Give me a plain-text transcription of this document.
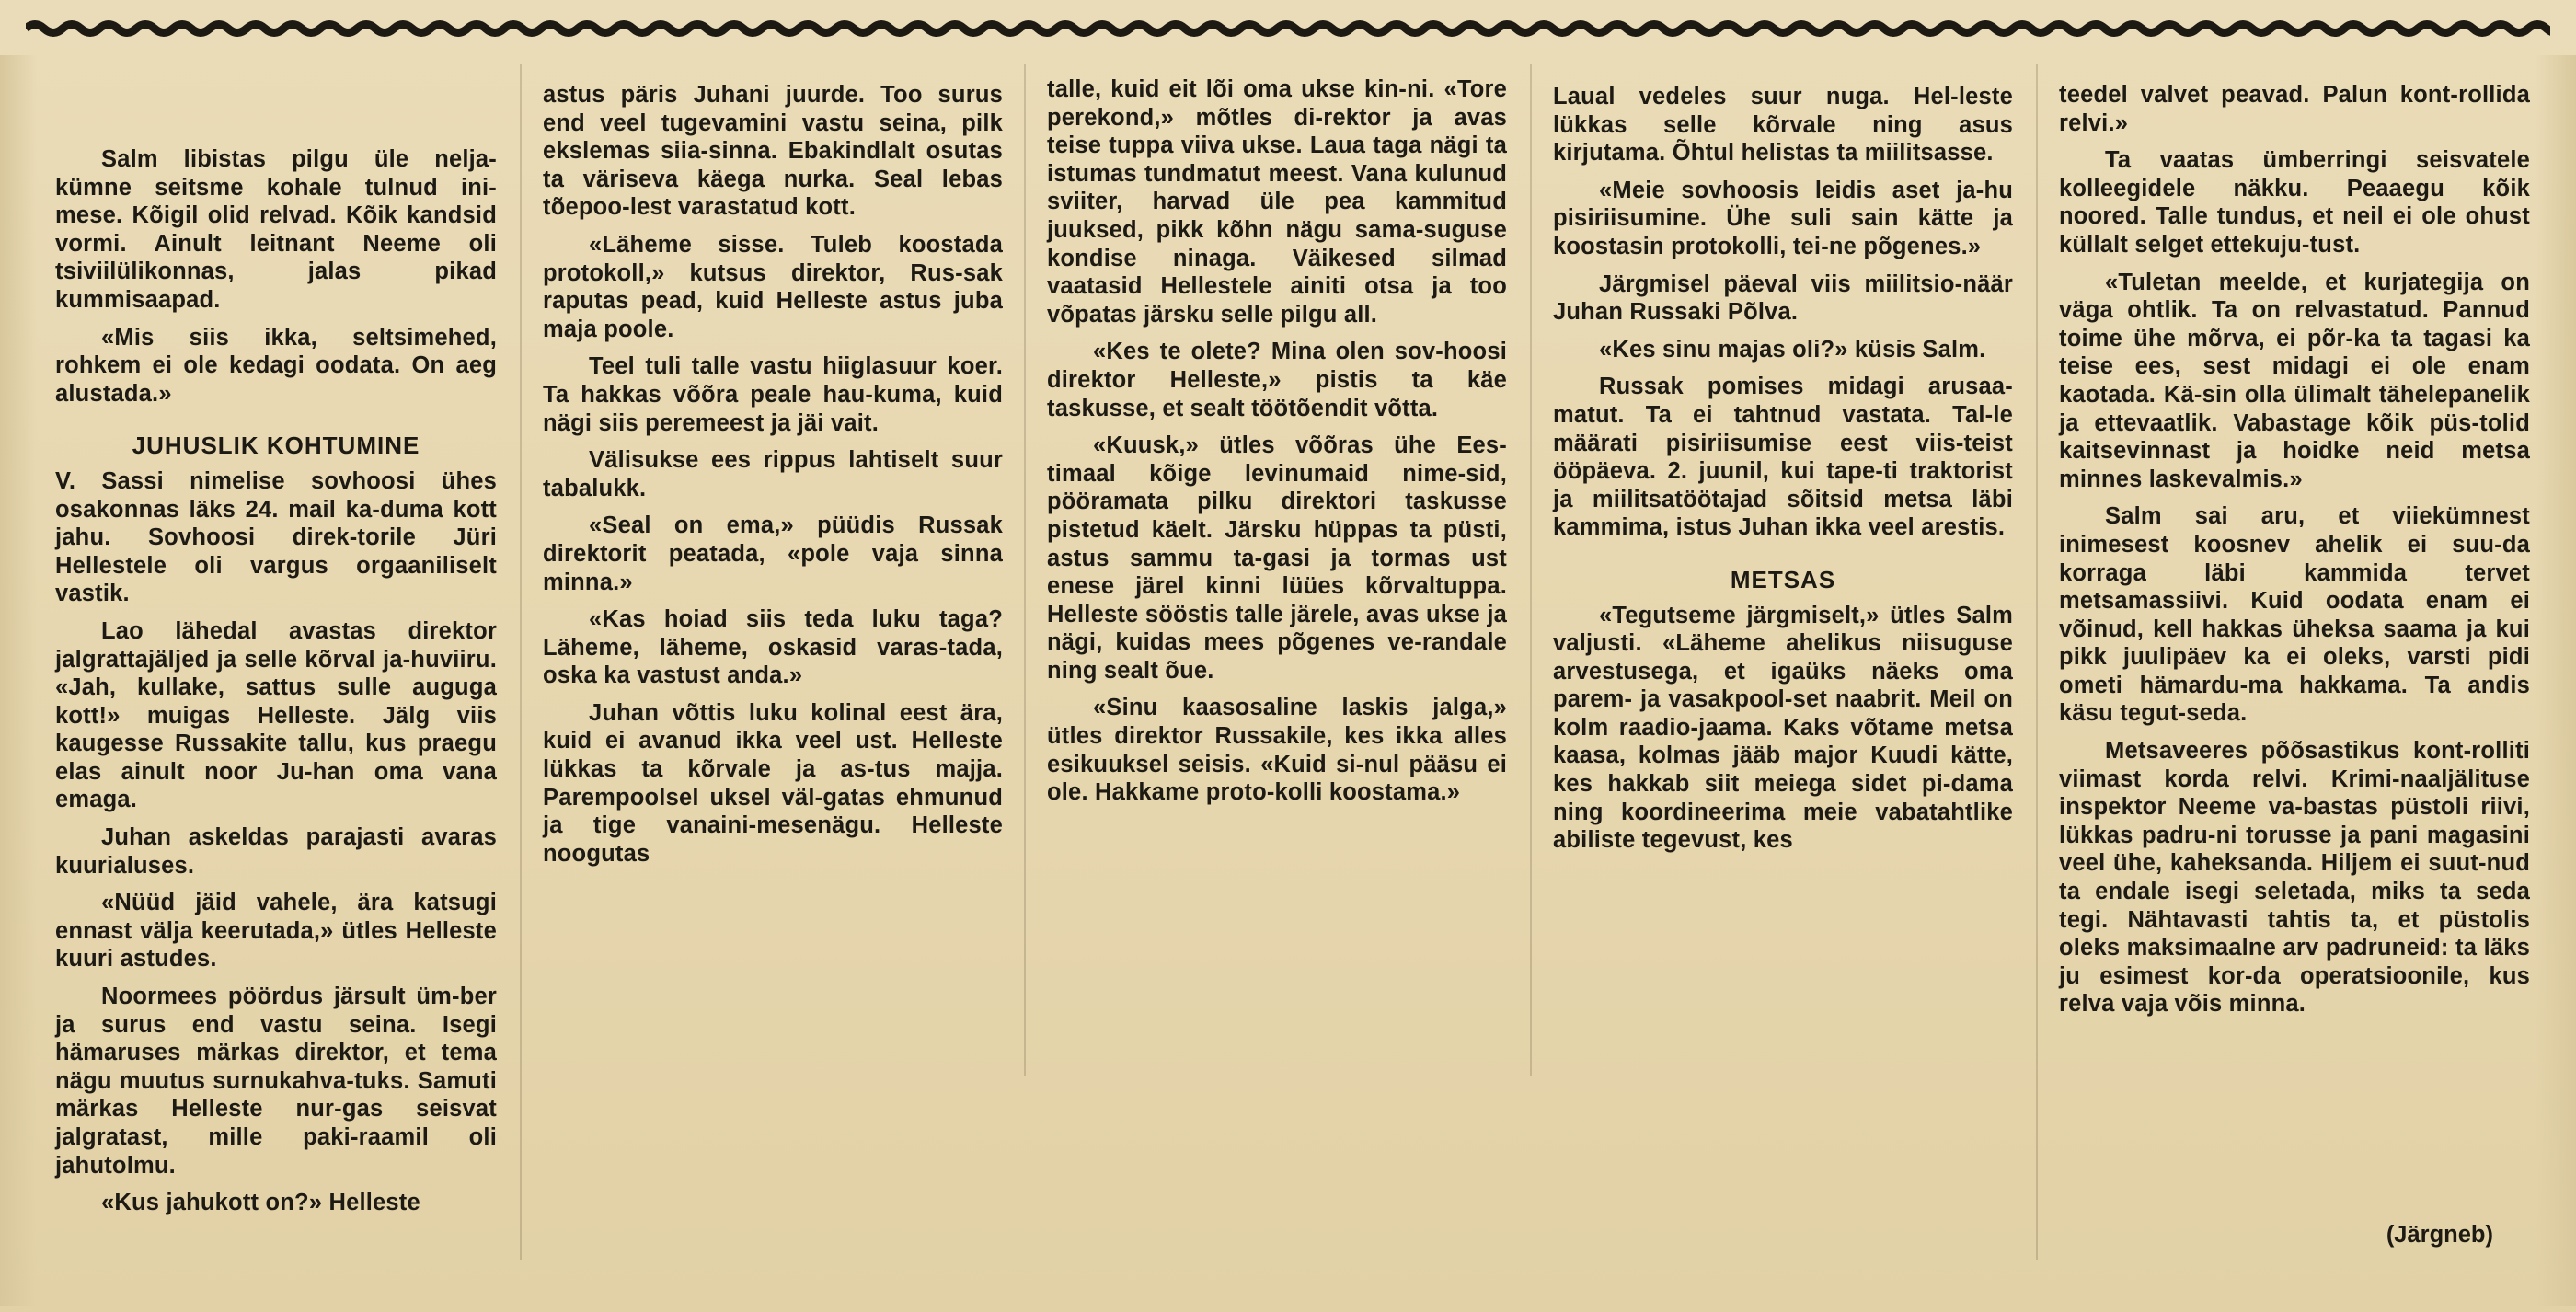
Salm libistas pilgu üle nelja-kümne seitsme kohale tulnud ini-mese. Kõigil olid relvad. Kõik kandsid vormi. Ainult leitnant Neeme oli tsiviilülikonnas, jalas pikad kummisaapad.

«Mis siis ikka, seltsimehed, rohkem ei ole kedagi oodata. On aeg alustada.»

JUHUSLIK KOHTUMINE

V. Sassi nimelise sovhoosi ühes osakonnas läks 24. mail ka-duma kott jahu. Sovhoosi direk-torile Jüri Hellestele oli vargus orgaaniliselt vastik.

Lao lähedal avastas direktor jalgrattajäljed ja selle kõrval ja-huviiru. «Jah, kullake, sattus sulle auguga kott!» muigas Helleste. Jälg viis kaugesse Russakite tallu, kus praegu elas ainult noor Ju-han oma vana emaga.

Juhan askeldas parajasti avaras kuurialuses.

«Nüüd jäid vahele, ära katsugi ennast välja keerutada,» ütles Helleste kuuri astudes.

Noormees pöördus järsult üm-ber ja surus end vastu seina. Isegi hämaruses märkas direktor, et tema nägu muutus surnukahva-tuks. Samuti märkas Helleste nur-gas seisvat jalgratast, mille paki-raamil oli jahutolmu.

«Kus jahukott on?» Helleste

astus päris Juhani juurde. Too surus end veel tugevamini vastu seina, pilk ekslemas siia-sinna. Ebakindlalt osutas ta väriseva käega nurka. Seal lebas tõepoo-lest varastatud kott.

«Läheme sisse. Tuleb koostada protokoll,» kutsus direktor, Rus-sak raputas pead, kuid Helleste astus juba maja poole.

Teel tuli talle vastu hiiglasuur koer. Ta hakkas võõra peale hau-kuma, kuid nägi siis peremeest ja jäi vait.

Välisukse ees rippus lahtiselt suur tabalukk.

«Seal on ema,» püüdis Russak direktorit peatada, «pole vaja sinna minna.»

«Kas hoiad siis teda luku taga? Läheme, läheme, oskasid varas-tada, oska ka vastust anda.»

Juhan võttis luku kolinal eest ära, kuid ei avanud ikka veel ust. Helleste lükkas ta kõrvale ja as-tus majja. Parempoolsel uksel väl-gatas ehmunud ja tige vanaini-mesenägu. Helleste noogutas

talle, kuid eit lõi oma ukse kin-ni. «Tore perekond,» mõtles di-rektor ja avas teise tuppa viiva ukse. Laua taga nägi ta istumas tundmatut meest. Vana kulunud sviiter, harvad üle pea kammitud juuksed, pikk kõhn nägu sama-suguse kondise ninaga. Väikesed silmad vaatasid Hellestele ainiti otsa ja too võpatas järsku selle pilgu all.

«Kes te olete? Mina olen sov-hoosi direktor Helleste,» pistis ta käe taskusse, et sealt töötõendit võtta.

«Kuusk,» ütles võõras ühe Ees-timaal kõige levinumaid nime-sid, pööramata pilku direktori taskusse pistetud käelt. Järsku hüppas ta püsti, astus sammu ta-gasi ja tormas ust enese järel kinni lüües kõrvaltuppa. Helleste sööstis talle järele, avas ukse ja nägi, kuidas mees põgenes ve-randale ning sealt õue.

«Sinu kaasosaline laskis jalga,» ütles direktor Russakile, kes ikka alles esikuuksel seisis. «Kuid si-nul pääsu ei ole. Hakkame proto-kolli koostama.»

Laual vedeles suur nuga. Hel-leste lükkas selle kõrvale ning asus kirjutama. Õhtul helistas ta miilitsasse.

«Meie sovhoosis leidis aset ja-hu pisiriisumine. Ühe suli sain kätte ja koostasin protokolli, tei-ne põgenes.»

Järgmisel päeval viis miilitsio-näär Juhan Russaki Põlva.

«Kes sinu majas oli?» küsis Salm.

Russak pomises midagi arusaa-matut. Ta ei tahtnud vastata. Tal-le määrati pisiriisumise eest viis-teist ööpäeva. 2. juunil, kui tape-ti traktorist ja miilitsatöötajad sõitsid metsa läbi kammima, istus Juhan ikka veel arestis.

METSAS

«Tegutseme järgmiselt,» ütles Salm valjusti. «Läheme ahelikus niisuguse arvestusega, et igaüks näeks oma parem- ja vasakpool-set naabrit. Meil on kolm raadio-jaama. Kaks võtame metsa kaasa, kolmas jääb major Kuudi kätte, kes hakkab siit meiega sidet pi-dama ning koordineerima meie vabatahtlike abiliste tegevust, kes

teedel valvet peavad. Palun kont-rollida relvi.»

Ta vaatas ümberringi seisvatele kolleegidele näkku. Peaaegu kõik noored. Talle tundus, et neil ei ole ohust küllalt selget ettekuju-tust.

«Tuletan meelde, et kurjategija on väga ohtlik. Ta on relvastatud. Pannud toime ühe mõrva, ei põr-ka ta tagasi ka teise ees, sest midagi ei ole enam kaotada. Kä-sin olla ülimalt tähelepanelik ja ettevaatlik. Vabastage kõik püs-tolid kaitsevinnast ja hoidke neid metsa minnes laskevalmis.»

Salm sai aru, et viiekümnest inimesest koosnev ahelik ei suu-da korraga läbi kammida tervet metsamassiivi. Kuid oodata enam ei võinud, kell hakkas üheksa saama ja kui pikk juulipäev ka ei oleks, varsti pidi ometi hämardu-ma hakkama. Ta andis käsu tegut-seda.

Metsaveeres põõsastikus kont-rolliti viimast korda relvi. Krimi-naaljälituse inspektor Neeme va-bastas püstoli riivi, lükkas padru-ni torusse ja pani magasini veel ühe, kaheksanda. Hiljem ei suut-nud ta endale isegi seletada, miks ta seda tegi. Nähtavasti tahtis ta, et püstolis oleks maksimaalne arv padruneid: ta läks ju esimest kor-da operatsioonile, kus relva vaja võis minna.

(Järgneb)
